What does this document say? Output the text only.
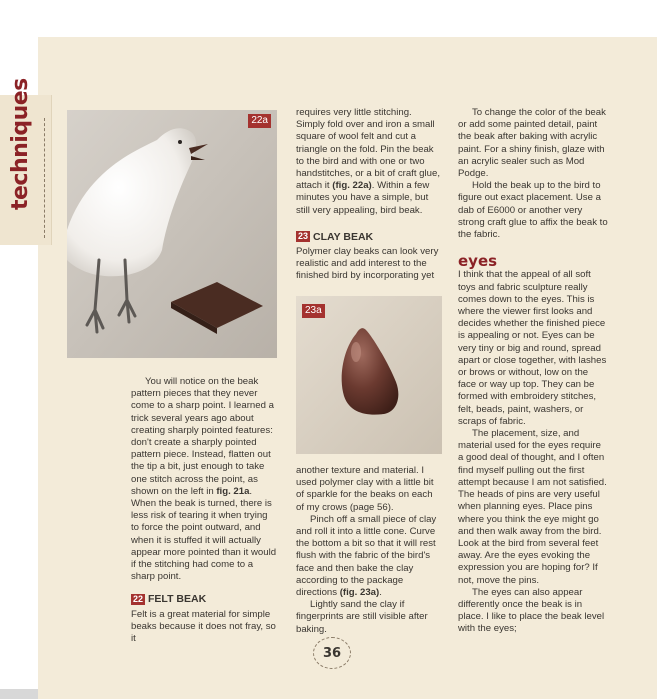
techniques	22a
23a

You will notice on the beak pattern pieces that they never come to a sharp point. I learned a trick several years ago about creating sharply pointed features: don't create a sharply pointed pattern piece. Instead, flatten out the tip a bit, just enough to take one stitch across the point, as shown on the left in fig. 21a. When the beak is turned, there is less risk of tearing it when trying to force the point outward, and when it is stuffed it will actually appear more pointed than it would if the stitching had come to a sharp point.

22 FELT BEAK

Felt is a great material for simple beaks because it does not fray, so it

requires very little stitching. Simply fold over and iron a small square of wool felt and cut a triangle on the fold. Pin the beak to the bird and with one or two handstitches, or a bit of craft glue, attach it (fig. 22a). Within a few minutes you have a simple, but still very appealing, bird beak.

23 CLAY BEAK

Polymer clay beaks can look very realistic and add interest to the finished bird by incorporating yet

another texture and material. I used polymer clay with a little bit of sparkle for the beaks on each of my crows (page 56).

Pinch off a small piece of clay and roll it into a little cone. Curve the bottom a bit so that it will rest flush with the fabric of the bird's face and then bake the clay according to the package directions (fig. 23a).

Lightly sand the clay if fingerprints are still visible after baking.

To change the color of the beak or add some painted detail, paint the beak after baking with acrylic paint. For a shiny finish, glaze with an acrylic sealer such as Mod Podge.

Hold the beak up to the bird to figure out exact placement. Use a dab of E6000 or another very strong craft glue to affix the beak to the fabric.

eyes

I think that the appeal of all soft toys and fabric sculpture really comes down to the eyes. This is where the viewer first looks and decides whether the finished piece is appealing or not. Eyes can be very tiny or big and round, spread apart or close together, with lashes or brows or without, low on the face or way up top. They can be formed with embroidery stitches, felt, beads, paint, washers, or scraps of fabric.

The placement, size, and material used for the eyes require a good deal of thought, and I often find myself pulling out the first attempt because I am not satisfied. The heads of pins are very useful when planning eyes. Place pins where you think the eye might go and then walk away from the bird. Look at the bird from several feet away. Are the eyes evoking the expression you are hoping for? If not, move the pins.

The eyes can also appear differently once the beak is in place. I like to place the beak level with the eyes;

36
